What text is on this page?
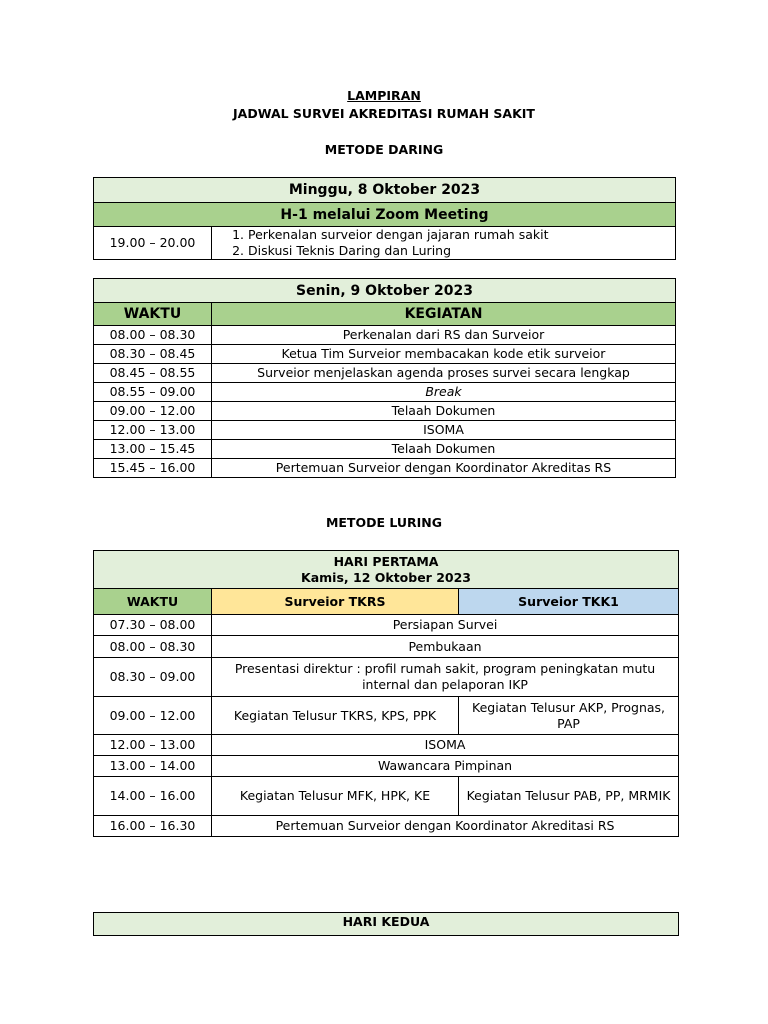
LAMPIRAN
JADWAL SURVEI AKREDITASI RUMAH SAKIT
METODE DARING
Minggu, 8 Oktober 2023
H-1 melalui Zoom Meeting
19.00 – 20.00	
1. Perkenalan surveior dengan jajaran rumah sakit
2. Diskusi Teknis Daring dan Luring
Senin, 9 Oktober 2023	
WAKTU	KEGIATAN
08.00 – 08.30	Perkenalan dari RS dan Surveior
08.30 – 08.45	Ketua Tim Surveior membacakan kode etik surveior
08.45 – 08.55	Surveior menjelaskan agenda proses survei secara lengkap
08.55 – 09.00	Break
09.00 – 12.00	Telaah Dokumen
12.00 – 13.00	ISOMA
13.00 – 15.45	Telaah Dokumen
15.45 – 16.00	Pertemuan Surveior dengan Koordinator Akreditas RS
METODE LURING
HARI PERTAMA
Kamis, 12 Oktober 2023		

WAKTU	Surveior TKRS	Surveior TKK1
07.30 – 08.00	Persiapan Survei	
08.00 – 08.30	Pembukaan	
08.30 – 09.00	Presentasi direktur : profil rumah sakit, program peningkatan mutu internal dan pelaporan IKP	
09.00 – 12.00	Kegiatan Telusur TKRS, KPS, PPK	Kegiatan Telusur AKP, Prognas, PAP
12.00 – 13.00	ISOMA	
13.00 – 14.00	Wawancara Pimpinan	
14.00 – 16.00	Kegiatan Telusur MFK, HPK, KE	Kegiatan Telusur PAB, PP, MRMIK
16.00 – 16.30	Pertemuan Surveior dengan Koordinator Akreditasi RS	
HARI KEDUA
